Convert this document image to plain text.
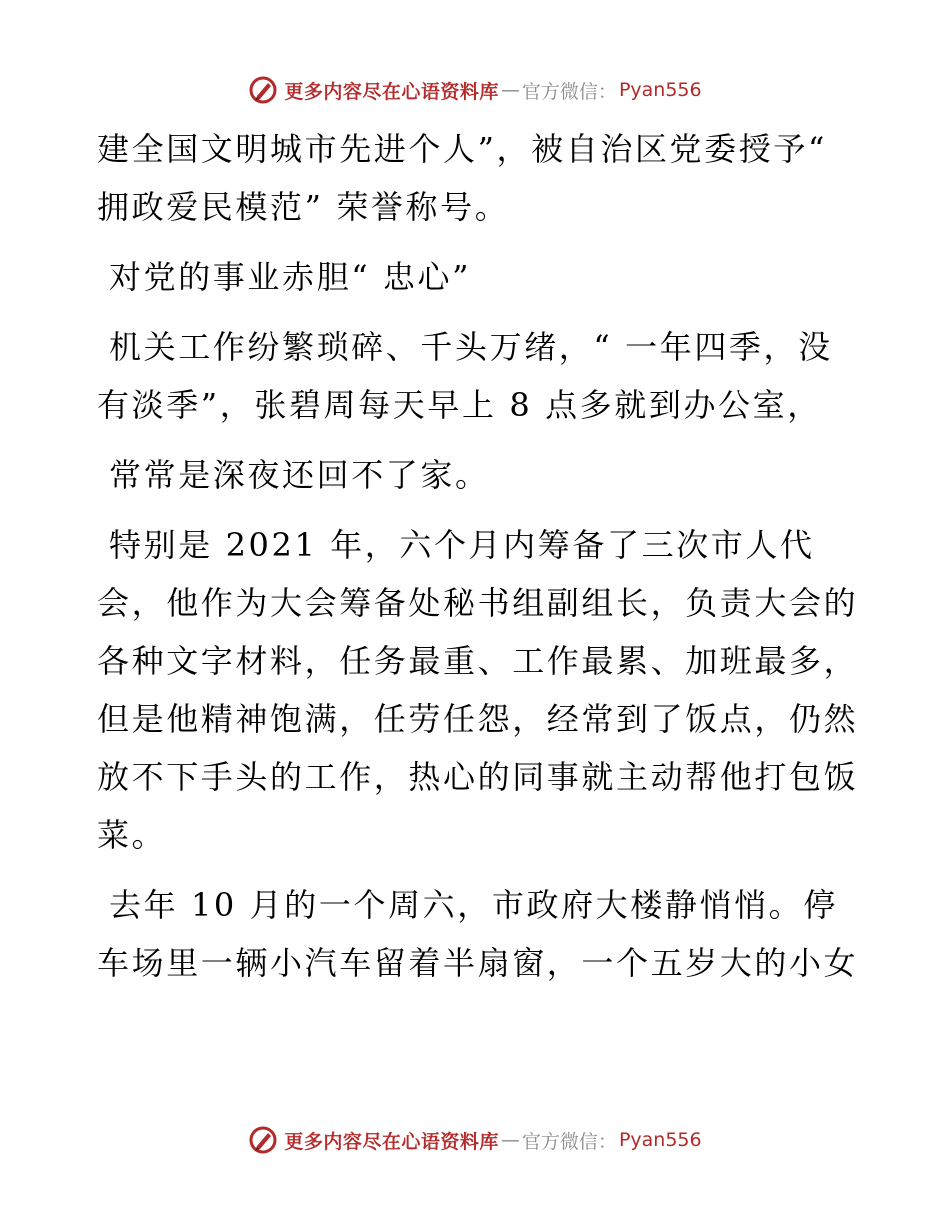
更多内容尽在心语资料库 — 官方微信： Pyan556
建全国文明城市先进个人”，被自治区党委授予“
拥政爱民模范” 荣誉称号。
对党的事业赤胆“ 忠心”
机关工作纷繁琐碎、千头万绪，“ 一年四季，没
有淡季”，张碧周每天早上 8 点多就到办公室，
常常是深夜还回不了家。
特别是 2021 年，六个月内筹备了三次市人代
会，他作为大会筹备处秘书组副组长，负责大会的
各种文字材料，任务最重、工作最累、加班最多，
但是他精神饱满，任劳任怨，经常到了饭点，仍然
放不下手头的工作，热心的同事就主动帮他打包饭
菜。
去年 10 月的一个周六，市政府大楼静悄悄。停
车场里一辆小汽车留着半扇窗，一个五岁大的小女
更多内容尽在心语资料库 — 官方微信： Pyan556
